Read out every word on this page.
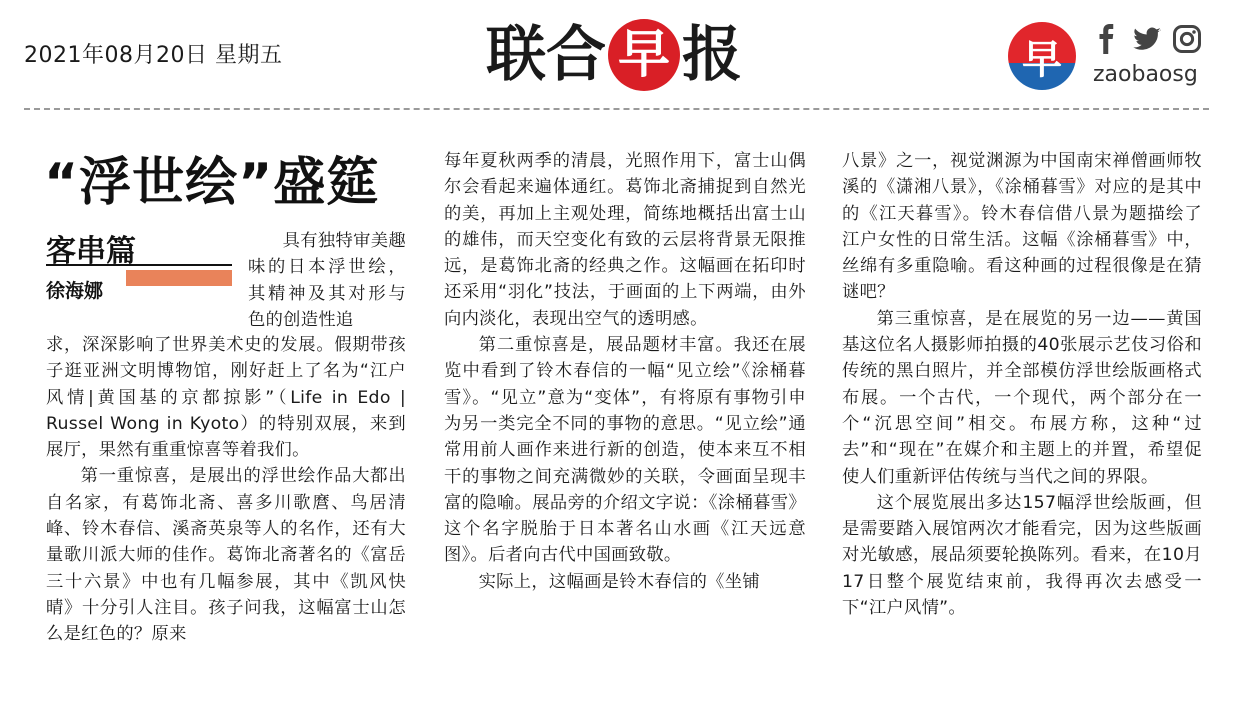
2021年08月20日 星期五	联合 早 报	早 zaobaosg
“浮世绘”盛筵
客串篇
徐海娜

具有独特审美趣味的日本浮世绘，其精神及其对形与色的创造性追

求，深深影响了世界美术史的发展。假期带孩子逛亚洲文明博物馆，刚好赶上了名为“江户风情|黄国基的京都掠影”（Life in Edo | Russel Wong in Kyoto）的特别双展，来到展厅，果然有重重惊喜等着我们。

第一重惊喜，是展出的浮世绘作品大都出自名家，有葛饰北斋、喜多川歌麿、鸟居清峰、铃木春信、溪斋英泉等人的名作，还有大量歌川派大师的佳作。葛饰北斋著名的《富岳三十六景》中也有几幅参展，其中《凯风快晴》十分引人注目。孩子问我，这幅富士山怎么是红色的？原来

每年夏秋两季的清晨，光照作用下，富士山偶尔会看起来遍体通红。葛饰北斋捕捉到自然光的美，再加上主观处理，简练地概括出富士山的雄伟，而天空变化有致的云层将背景无限推远，是葛饰北斋的经典之作。这幅画在拓印时还采用“羽化”技法，于画面的上下两端，由外向内淡化，表现出空气的透明感。

第二重惊喜是，展品题材丰富。我还在展览中看到了铃木春信的一幅“见立绘”《涂桶暮雪》。“见立”意为“变体”，有将原有事物引申为另一类完全不同的事物的意思。“见立绘”通常用前人画作来进行新的创造，使本来互不相干的事物之间充满微妙的关联，令画面呈现丰富的隐喻。展品旁的介绍文字说：《涂桶暮雪》这个名字脱胎于日本著名山水画《江天远意图》。后者向古代中国画致敬。

实际上，这幅画是铃木春信的《坐铺

八景》之一，视觉渊源为中国南宋禅僧画师牧溪的《潇湘八景》，《涂桶暮雪》对应的是其中的《江天暮雪》。铃木春信借八景为题描绘了江户女性的日常生活。这幅《涂桶暮雪》中，丝绵有多重隐喻。看这种画的过程很像是在猜谜吧？

第三重惊喜，是在展览的另一边——黄国基这位名人摄影师拍摄的40张展示艺伎习俗和传统的黑白照片，并全部模仿浮世绘版画格式布展。一个古代，一个现代，两个部分在一个“沉思空间”相交。布展方称，这种“过去”和“现在”在媒介和主题上的并置，希望促使人们重新评估传统与当代之间的界限。

这个展览展出多达157幅浮世绘版画，但是需要踏入展馆两次才能看完，因为这些版画对光敏感，展品须要轮换陈列。看来，在10月17日整个展览结束前，我得再次去感受一下“江户风情”。
